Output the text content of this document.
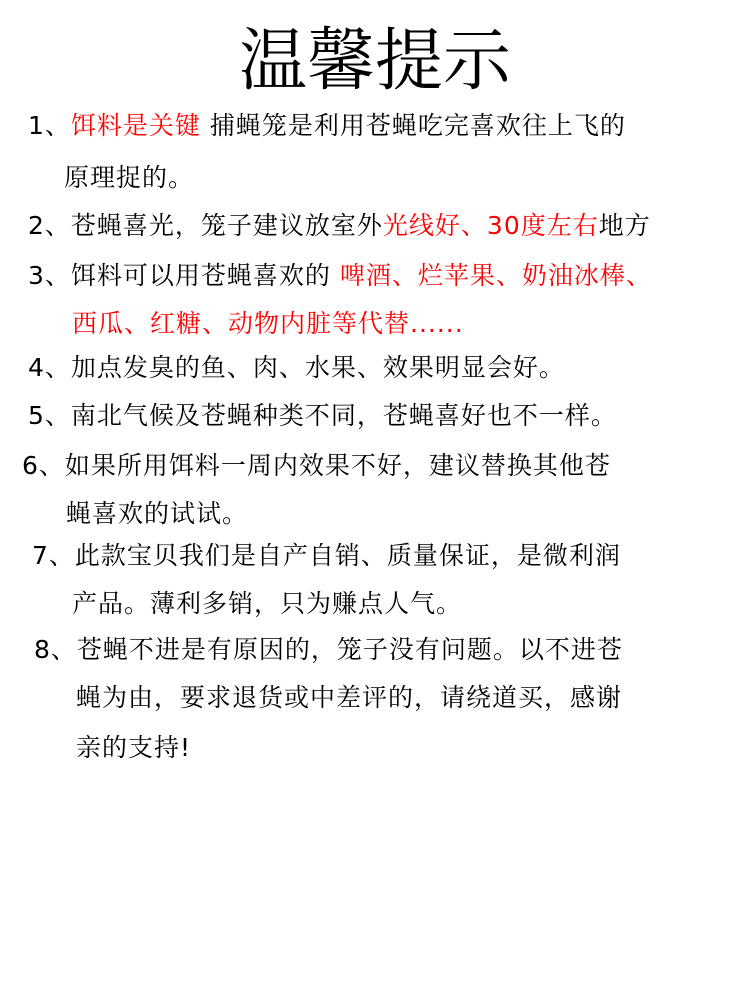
温馨提示
1、饵料是关键 捕蝇笼是利用苍蝇吃完喜欢往上飞的
原理捉的。
2、苍蝇喜光，笼子建议放室外光线好、30度左右地方
3、饵料可以用苍蝇喜欢的 啤酒、烂苹果、奶油冰棒、
西瓜、红糖、动物内脏等代替......
4、加点发臭的鱼、肉、水果、效果明显会好。
5、南北气候及苍蝇种类不同，苍蝇喜好也不一样。
6、如果所用饵料一周内效果不好，建议替换其他苍
蝇喜欢的试试。
7、此款宝贝我们是自产自销、质量保证，是微利润
产品。薄利多销，只为赚点人气。
8、苍蝇不进是有原因的，笼子没有问题。以不进苍
蝇为由，要求退货或中差评的，请绕道买，感谢
亲的支持!
